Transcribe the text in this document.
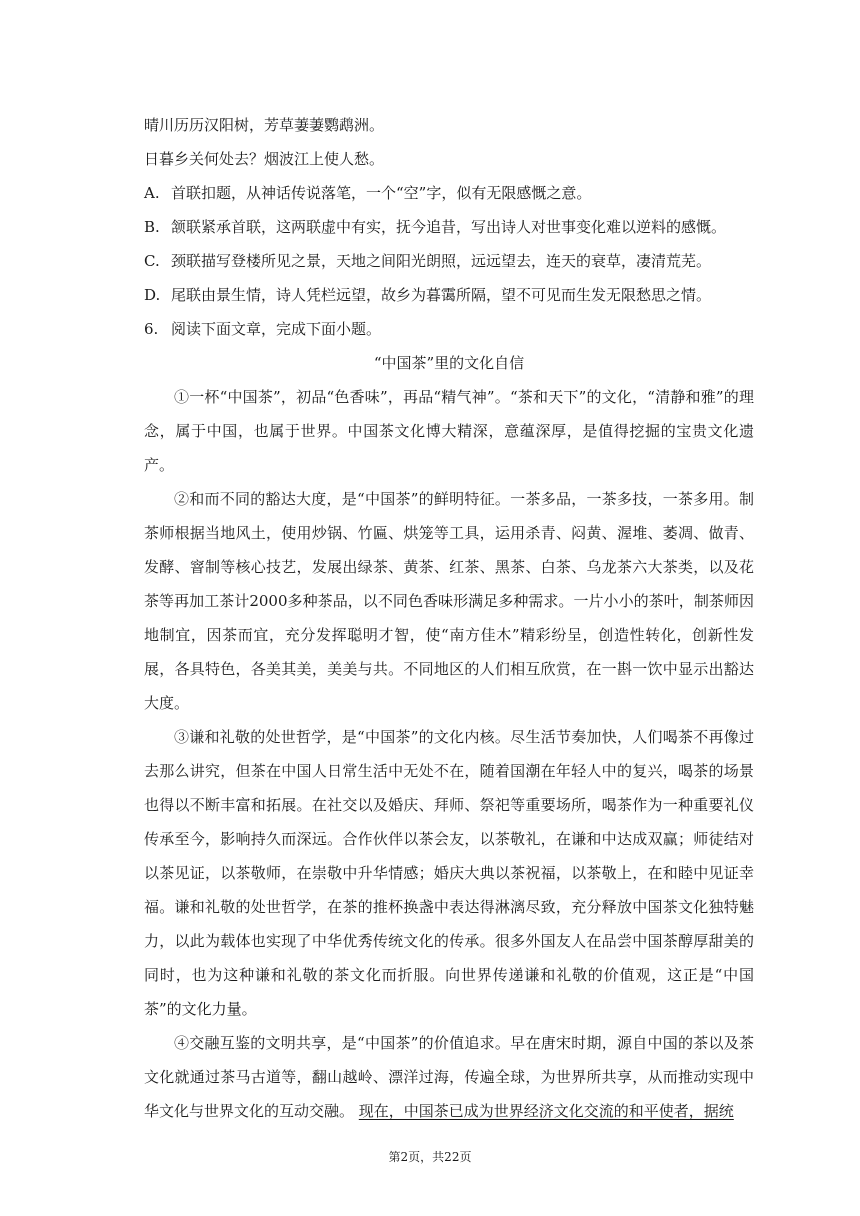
晴川历历汉阳树，芳草萋萋鹦鹉洲。

日暮乡关何处去？烟波江上使人愁。

A. 首联扣题，从神话传说落笔，一个“空”字，似有无限感慨之意。
B. 颔联紧承首联，这两联虚中有实，抚今追昔，写出诗人对世事变化难以逆料的感慨。
C. 颈联描写登楼所见之景，天地之间阳光朗照，远远望去，连天的衰草，凄清荒芜。
D. 尾联由景生情，诗人凭栏远望，故乡为暮霭所隔，望不可见而生发无限愁思之情。
6. 阅读下面文章，完成下面小题。

“中国茶”里的文化自信

①一杯“中国茶”，初品“色香味”，再品“精气神”。“茶和天下”的文化，“清静和雅”的理念，属于中国，也属于世界。中国茶文化博大精深，意蕴深厚，是值得挖掘的宝贵文化遗产。

②和而不同的豁达大度，是“中国茶”的鲜明特征。一茶多品，一茶多技，一茶多用。制茶师根据当地风土，使用炒锅、竹匾、烘笼等工具，运用杀青、闷黄、渥堆、萎凋、做青、发酵、窨制等核心技艺，发展出绿茶、黄茶、红茶、黑茶、白茶、乌龙茶六大茶类，以及花茶等再加工茶计2000多种茶品，以不同色香味形满足多种需求。一片小小的茶叶，制茶师因地制宜，因茶而宜，充分发挥聪明才智，使“南方佳木”精彩纷呈，创造性转化，创新性发展，各具特色，各美其美，美美与共。不同地区的人们相互欣赏，在一斟一饮中显示出豁达大度。

③谦和礼敬的处世哲学，是“中国茶”的文化内核。尽生活节奏加快，人们喝茶不再像过去那么讲究，但茶在中国人日常生活中无处不在，随着国潮在年轻人中的复兴，喝茶的场景也得以不断丰富和拓展。在社交以及婚庆、拜师、祭祀等重要场所，喝茶作为一种重要礼仪传承至今，影响持久而深远。合作伙伴以茶会友，以茶敬礼，在谦和中达成双赢；师徒结对以茶见证，以茶敬师，在崇敬中升华情感；婚庆大典以茶祝福，以茶敬上，在和睦中见证幸福。谦和礼敬的处世哲学，在茶的推杯换盏中表达得淋漓尽致，充分释放中国茶文化独特魅力，以此为载体也实现了中华优秀传统文化的传承。很多外国友人在品尝中国茶醇厚甜美的同时，也为这种谦和礼敬的茶文化而折服。向世界传递谦和礼敬的价值观，这正是“中国茶”的文化力量。

④交融互鉴的文明共享，是“中国茶”的价值追求。早在唐宋时期，源自中国的茶以及茶文化就通过茶马古道等，翻山越岭、漂洋过海，传遍全球，为世界所共享，从而推动实现中华文化与世界文化的互动交融。 现在，中国茶已成为世界经济文化交流的和平使者，据统

第2页，共22页
